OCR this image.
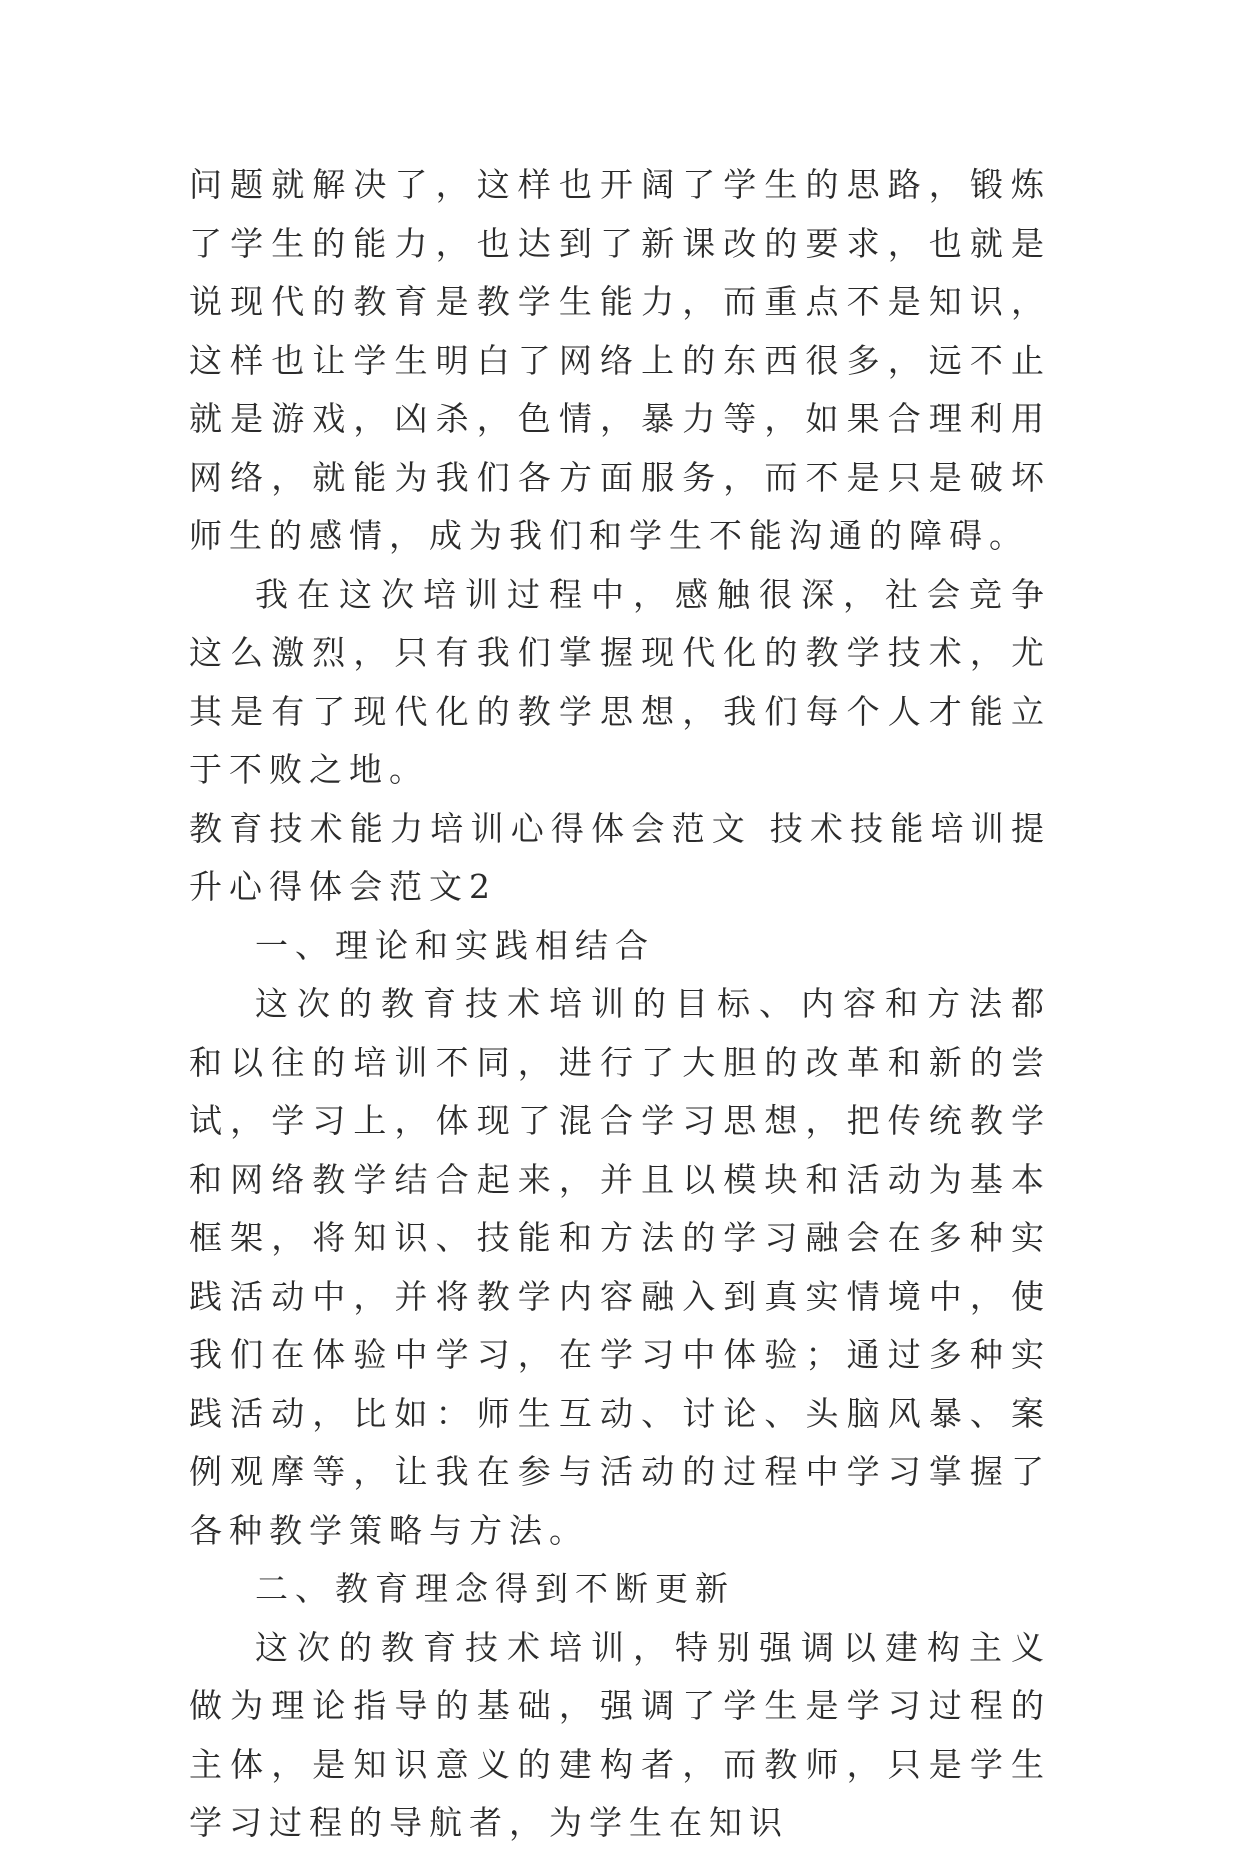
问题就解决了，这样也开阔了学生的思路，锻炼了学生的能力，也达到了新课改的要求，也就是说现代的教育是教学生能力，而重点不是知识，这样也让学生明白了网络上的东西很多，远不止就是游戏，凶杀，色情，暴力等，如果合理利用网络，就能为我们各方面服务，而不是只是破坏师生的感情，成为我们和学生不能沟通的障碍。

我在这次培训过程中，感触很深，社会竞争这么激烈，只有我们掌握现代化的教学技术，尤其是有了现代化的教学思想，我们每个人才能立于不败之地。

教育技术能力培训心得体会范文 技术技能培训提升心得体会范文2

一、理论和实践相结合

这次的教育技术培训的目标、内容和方法都和以往的培训不同，进行了大胆的改革和新的尝试，学习上，体现了混合学习思想，把传统教学和网络教学结合起来，并且以模块和活动为基本框架，将知识、技能和方法的学习融会在多种实践活动中，并将教学内容融入到真实情境中，使我们在体验中学习，在学习中体验；通过多种实践活动，比如：师生互动、讨论、头脑风暴、案例观摩等，让我在参与活动的过程中学习掌握了各种教学策略与方法。

二、教育理念得到不断更新

这次的教育技术培训，特别强调以建构主义做为理论指导的基础，强调了学生是学习过程的主体，是知识意义的建构者，而教师，只是学生学习过程的导航者，为学生在知识
